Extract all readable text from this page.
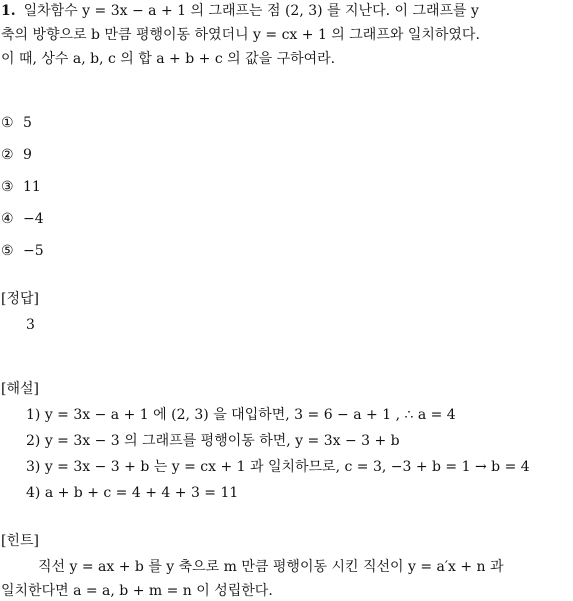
1. 일차함수 y = 3x − a + 1 의 그래프는 점 (2, 3) 를 지난다. 이 그래프를 y
축의 방향으로 b 만큼 평행이동 하였더니 y = cx + 1 의 그래프와 일치하였다.
이 때, 상수 a, b, c 의 합 a + b + c 의 값을 구하여라.
① 5
② 9
③ 11
④ −4
⑤ −5
[정답]
3
[해설]
1) y = 3x − a + 1 에 (2, 3) 을 대입하면, 3 = 6 − a + 1 , ∴ a = 4
2) y = 3x − 3 의 그래프를 평행이동 하면, y = 3x − 3 + b
3) y = 3x − 3 + b 는 y = cx + 1 과 일치하므로, c = 3, −3 + b = 1 → b = 4
4) a + b + c = 4 + 4 + 3 = 11
[힌트]
직선 y = ax + b 를 y 축으로 m 만큼 평행이동 시킨 직선이 y = a′x + n 과
일치한다면 a = a, b + m = n 이 성립한다.
